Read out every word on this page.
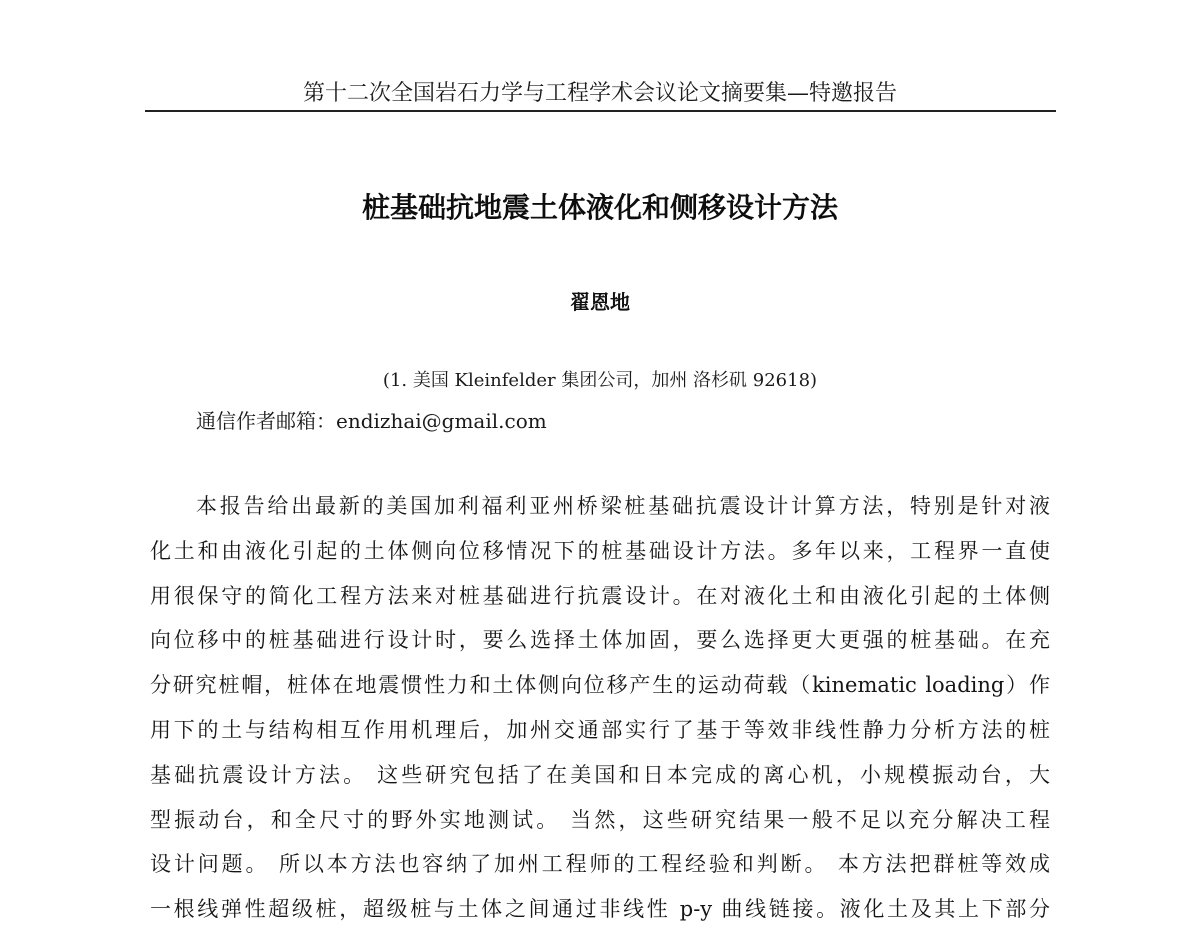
第十二次全国岩石力学与工程学术会议论文摘要集—特邀报告
桩基础抗地震土体液化和侧移设计方法
翟恩地
(1. 美国 Kleinfelder 集团公司，加州 洛杉矶 92618)
通信作者邮箱：endizhai@gmail.com
本报告给出最新的美国加利福利亚州桥梁桩基础抗震设计计算方法，特别是针对液
化土和由液化引起的土体侧向位移情况下的桩基础设计方法。多年以来，工程界一直使
用很保守的简化工程方法来对桩基础进行抗震设计。在对液化土和由液化引起的土体侧
向位移中的桩基础进行设计时，要么选择土体加固，要么选择更大更强的桩基础。在充
分研究桩帽，桩体在地震惯性力和土体侧向位移产生的运动荷载（kinematic loading）作
用下的土与结构相互作用机理后，加州交通部实行了基于等效非线性静力分析方法的桩
基础抗震设计方法。 这些研究包括了在美国和日本完成的离心机，小规模振动台，大
型振动台，和全尺寸的野外实地测试。 当然，这些研究结果一般不足以充分解决工程
设计问题。 所以本方法也容纳了加州工程师的工程经验和判断。 本方法把群桩等效成
一根线弹性超级桩，超级桩与土体之间通过非线性 p-y 曲线链接。液化土及其上下部分
